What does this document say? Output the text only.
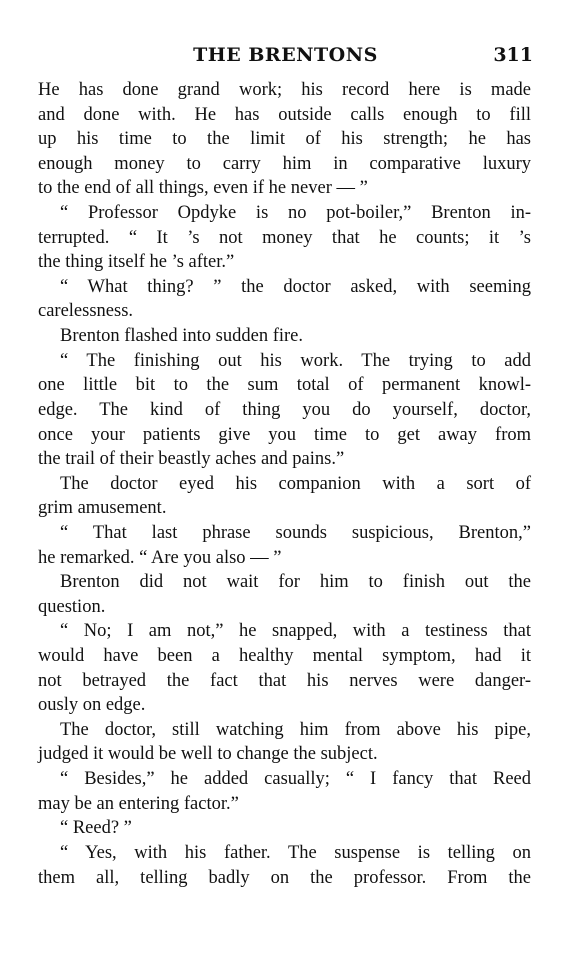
THE BRENTONS	311
He has done grand work; his record here is made
and done with. He has outside calls enough to fill
up his time to the limit of his strength; he has
enough money to carry him in comparative luxury
to the end of all things, even if he never — ”
“ Professor Opdyke is no pot-boiler,” Brenton in-
terrupted. “ It ’s not money that he counts; it ’s
the thing itself he ’s after.”
“ What thing? ” the doctor asked, with seeming
carelessness.
Brenton flashed into sudden fire.
“ The finishing out his work. The trying to add
one little bit to the sum total of permanent knowl-
edge. The kind of thing you do yourself, doctor,
once your patients give you time to get away from
the trail of their beastly aches and pains.”
The doctor eyed his companion with a sort of
grim amusement.
“ That last phrase sounds suspicious, Brenton,”
he remarked. “ Are you also — ”
Brenton did not wait for him to finish out the
question.
“ No; I am not,” he snapped, with a testiness that
would have been a healthy mental symptom, had it
not betrayed the fact that his nerves were danger-
ously on edge.
The doctor, still watching him from above his pipe,
judged it would be well to change the subject.
“ Besides,” he added casually; “ I fancy that Reed
may be an entering factor.”
“ Reed? ”
“ Yes, with his father. The suspense is telling on
them all, telling badly on the professor. From the
